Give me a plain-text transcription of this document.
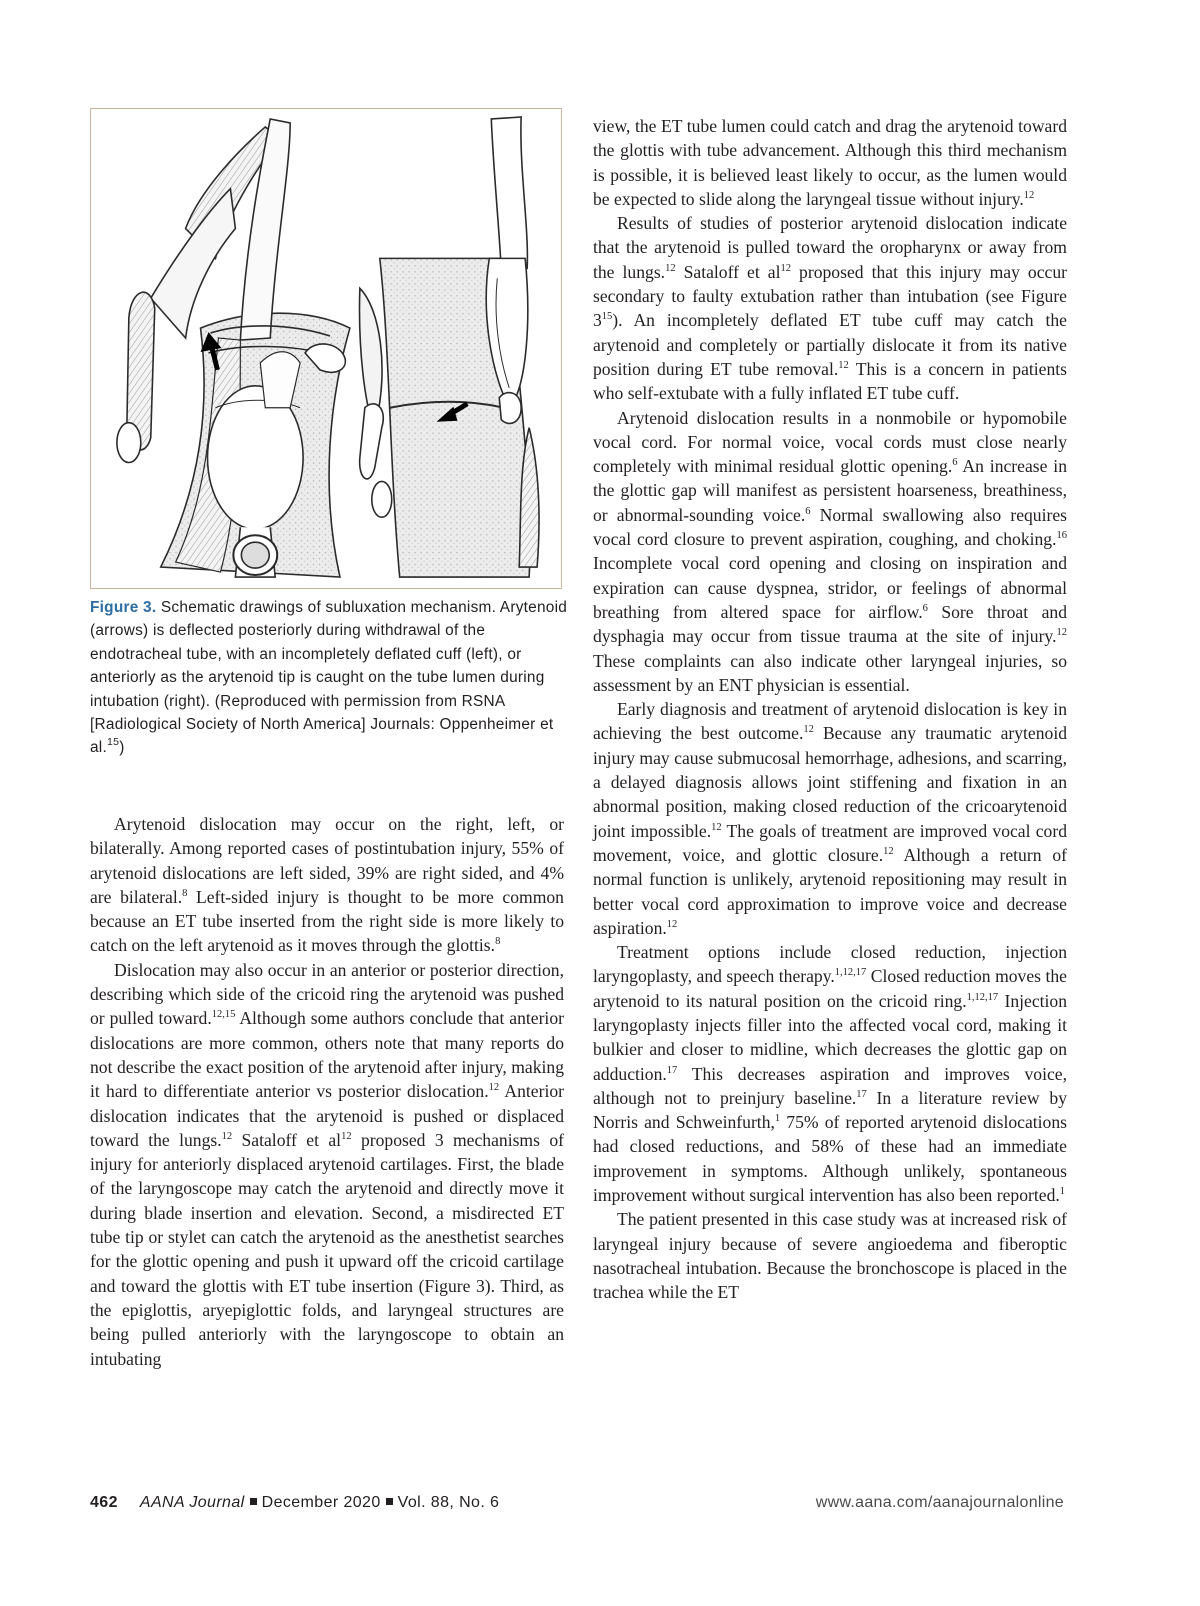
Figure 3. Schematic drawings of subluxation mechanism. Arytenoid (arrows) is deflected posteriorly during withdrawal of the endotracheal tube, with an incompletely deflated cuff (left), or anteriorly as the arytenoid tip is caught on the tube lumen during intubation (right). (Reproduced with permission from RSNA [Radiological Society of North America] Journals: Oppenheimer et al.$^{15}$)

Arytenoid dislocation may occur on the right, left, or bilaterally. Among reported cases of postintubation injury, 55% of arytenoid dislocations are left sided, 39% are right sided, and 4% are bilateral.$^8$ Left-sided injury is thought to be more common because an ET tube inserted from the right side is more likely to catch on the left arytenoid as it moves through the glottis.$^8$

Dislocation may also occur in an anterior or posterior direction, describing which side of the cricoid ring the arytenoid was pushed or pulled toward.$^{12,15}$ Although some authors conclude that anterior dislocations are more common, others note that many reports do not describe the exact position of the arytenoid after injury, making it hard to differentiate anterior vs posterior dislocation.$^{12}$ Anterior dislocation indicates that the arytenoid is pushed or displaced toward the lungs.$^{12}$ Sataloff et $al^{12}$ proposed 3 mechanisms of injury for anteriorly displaced arytenoid cartilages. First, the blade of the laryngoscope may catch the arytenoid and directly move it during blade insertion and elevation. Second, a misdirected ET tube tip or stylet can catch the arytenoid as the anesthetist searches for the glottic opening and push it upward off the cricoid cartilage and toward the glottis with ET tube insertion (Figure 3). Third, as the epiglottis, aryepiglottic folds, and laryngeal structures are being pulled anteriorly with the laryngoscope to obtain an intubating

view, the ET tube lumen could catch and drag the arytenoid toward the glottis with tube advancement. Although this third mechanism is possible, it is believed least likely to occur, as the lumen would be expected to slide along the laryngeal tissue without injury.$^{12}$

Results of studies of posterior arytenoid dislocation indicate that the arytenoid is pulled toward the oropharynx or away from the lungs.$^{12}$ Sataloff et $al^{12}$ proposed that this injury may occur secondary to faulty extubation rather than intubation (see Figure $3^{15}$). An incompletely deflated ET tube cuff may catch the arytenoid and completely or partially dislocate it from its native position during ET tube removal.$^{12}$ This is a concern in patients who self-extubate with a fully inflated ET tube cuff.

Arytenoid dislocation results in a nonmobile or hypomobile vocal cord. For normal voice, vocal cords must close nearly completely with minimal residual glottic opening.$^6$ An increase in the glottic gap will manifest as persistent hoarseness, breathiness, or abnormal-sounding voice.$^6$ Normal swallowing also requires vocal cord closure to prevent aspiration, coughing, and choking.$^{16}$ Incomplete vocal cord opening and closing on inspiration and expiration can cause dyspnea, stridor, or feelings of abnormal breathing from altered space for airflow.$^6$ Sore throat and dysphagia may occur from tissue trauma at the site of injury.$^{12}$ These complaints can also indicate other laryngeal injuries, so assessment by an ENT physician is essential.

Early diagnosis and treatment of arytenoid dislocation is key in achieving the best outcome.$^{12}$ Because any traumatic arytenoid injury may cause submucosal hemorrhage, adhesions, and scarring, a delayed diagnosis allows joint stiffening and fixation in an abnormal position, making closed reduction of the cricoarytenoid joint impossible.$^{12}$ The goals of treatment are improved vocal cord movement, voice, and glottic closure.$^{12}$ Although a return of normal function is unlikely, arytenoid repositioning may result in better vocal cord approximation to improve voice and decrease aspiration.$^{12}$

Treatment options include closed reduction, injection laryngoplasty, and speech therapy.$^{1,12,17}$ Closed reduction moves the arytenoid to its natural position on the cricoid ring.$^{1,12,17}$ Injection laryngoplasty injects filler into the affected vocal cord, making it bulkier and closer to midline, which decreases the glottic gap on adduction.$^{17}$ This decreases aspiration and improves voice, although not to preinjury baseline.$^{17}$ In a literature review by Norris and Schweinfurth,$^1$ 75% of reported arytenoid dislocations had closed reductions, and 58% of these had an immediate improvement in symptoms. Although unlikely, spontaneous improvement without surgical intervention has also been reported.$^1$

The patient presented in this case study was at increased risk of laryngeal injury because of severe angioedema and fiberoptic nasotracheal intubation. Because the bronchoscope is placed in the trachea while the ET

462 AANA Journal December 2020 Vol. 88, No. 6	www.aana.com/aanajournalonline
